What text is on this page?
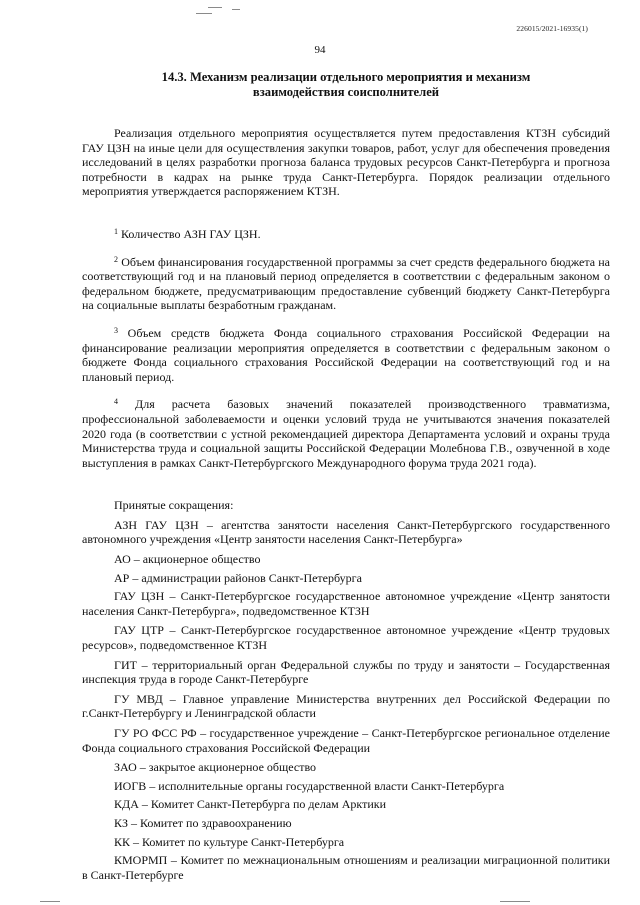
226015/2021-16935(1)
94
14.3. Механизм реализации отдельного мероприятия и механизм взаимодействия соисполнителей

Реализация отдельного мероприятия осуществляется путем предоставления КТЗН субсидий ГАУ ЦЗН на иные цели для осуществления закупки товаров, работ, услуг для обеспечения проведения исследований в целях разработки прогноза баланса трудовых ресурсов Санкт-Петербурга и прогноза потребности в кадрах на рынке труда Санкт-Петербурга. Порядок реализации отдельного мероприятия утверждается распоряжением КТЗН.

$^1$ Количество АЗН ГАУ ЦЗН.

$^2$ Объем финансирования государственной программы за счет средств федерального бюджета на соответствующий год и на плановый период определяется в соответствии с федеральным законом о федеральном бюджете, предусматривающим предоставление субвенций бюджету Санкт-Петербурга на социальные выплаты безработным гражданам.

$^3$ Объем средств бюджета Фонда социального страхования Российской Федерации на финансирование реализации мероприятия определяется в соответствии с федеральным законом о бюджете Фонда социального страхования Российской Федерации на соответствующий год и на плановый период.

$^4$ Для расчета базовых значений показателей производственного травматизма, профессиональной заболеваемости и оценки условий труда не учитываются значения показателей 2020 года (в соответствии с устной рекомендацией директора Департамента условий и охраны труда Министерства труда и социальной защиты Российской Федерации Молебнова Г.В., озвученной в ходе выступления в рамках Санкт-Петербургского Международного форума труда 2021 года).

Принятые сокращения:

АЗН ГАУ ЦЗН – агентства занятости населения Санкт-Петербургского государственного автономного учреждения «Центр занятости населения Санкт-Петербурга»

АО – акционерное общество

АР – администрации районов Санкт-Петербурга

ГАУ ЦЗН – Санкт-Петербургское государственное автономное учреждение «Центр занятости населения Санкт-Петербурга», подведомственное КТЗН

ГАУ ЦТР – Санкт-Петербургское государственное автономное учреждение «Центр трудовых ресурсов», подведомственное КТЗН

ГИТ – территориальный орган Федеральной службы по труду и занятости – Государственная инспекция труда в городе Санкт-Петербурге

ГУ МВД – Главное управление Министерства внутренних дел Российской Федерации по г.Санкт-Петербургу и Ленинградской области

ГУ РО ФСС РФ – государственное учреждение – Санкт-Петербургское региональное отделение Фонда социального страхования Российской Федерации

ЗАО – закрытое акционерное общество

ИОГВ – исполнительные органы государственной власти Санкт-Петербурга

КДА – Комитет Санкт-Петербурга по делам Арктики

КЗ – Комитет по здравоохранению

КК – Комитет по культуре Санкт-Петербурга

КМОРМП – Комитет по межнациональным отношениям и реализации миграционной политики в Санкт-Петербурге
